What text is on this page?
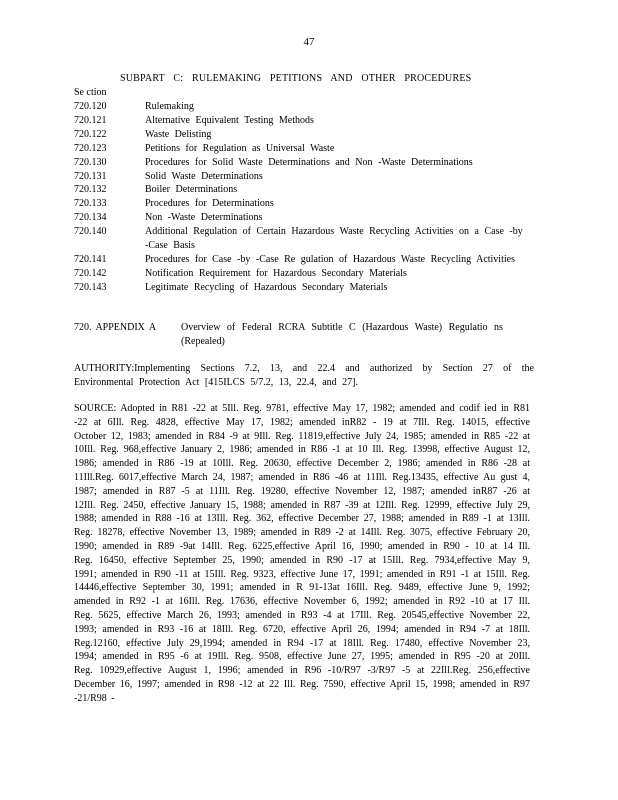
47
SUBPART C: RULEMAKING PETITIONS AND OTHER PROCEDURES
Se ction
720.120	Rulemaking
720.121	Alternative Equivalent Testing Methods
720.122	Waste Delisting
720.123	Petitions for Regulation as Universal Waste
720.130	Procedures for Solid Waste Determinations and Non -Waste Determinations
720.131	Solid Waste Determinations
720.132	Boiler Determinations
720.133	Procedures for Determinations
720.134	Non -Waste Determinations
720.140	Additional Regulation of Certain Hazardous Waste Recycling Activities on a Case -by -Case Basis
720.141	Procedures for Case -by -Case Re gulation of Hazardous Waste Recycling Activities
720.142	Notification Requirement for Hazardous Secondary Materials
720.143	Legitimate Recycling of Hazardous Secondary Materials
720. APPENDIX A	Overview of Federal RCRA Subtitle C (Hazardous Waste) Regulatio ns (Repealed)
AUTHORITY:Implementing Sections 7.2, 13, and 22.4 and authorized by Section 27 of the Environmental Protection Act [415ILCS 5/7.2, 13, 22.4, and 27].
SOURCE: Adopted in R81 -22 at 5Ill. Reg. 9781, effective May 17, 1982; amended and codif ied in R81 -22 at 6Ill. Reg. 4828, effective May 17, 1982; amended inR82 - 19 at 7Ill. Reg. 14015, effective October 12, 1983; amended in R84 -9 at 9Ill. Reg. 11819,effective July 24, 1985; amended in R85 -22 at 10Ill. Reg. 968,effective January 2, 1986; amended in R86 -1 at 10 Ill. Reg. 13998, effective August 12, 1986; amended in R86 -19 at 10Ill. Reg. 20630, effective December 2, 1986; amended in R86 -28 at 11Ill.Reg. 6017,effective March 24, 1987; amended in R86 -46 at 11Ill. Reg.13435, effective Au gust 4, 1987; amended in R87 -5 at 11Ill. Reg. 19280, effective November 12, 1987; amended inR87 -26 at 12Ill. Reg. 2450, effective January 15, 1988; amended in R87 -39 at 12Ill. Reg. 12999, effective July 29, 1988; amended in R88 -16 at 13Ill. Reg. 362, effective December 27, 1988; amended in R89 -1 at 13Ill. Reg. 18278, effective November 13, 1989; amended in R89 -2 at 14Ill. Reg. 3075, effective February 20, 1990; amended in R89 -9at 14Ill. Reg. 6225,effective April 16, 1990; amended in R90 - 10 at 14 Ill. Reg. 16450, effective September 25, 1990; amended in R90 -17 at 15Ill. Reg. 7934,effective May 9, 1991; amended in R90 -11 at 15Ill. Reg. 9323, effective June 17, 1991; amended in R91 -1 at 15Ill. Reg. 14446,effective September 30, 1991; amended in R 91-13at 16Ill. Reg. 9489, effective June 9, 1992; amended in R92 -1 at 16Ill. Reg. 17636, effective November 6, 1992; amended in R92 -10 at 17 Ill. Reg. 5625, effective March 26, 1993; amended in R93 -4 at 17Ill. Reg. 20545,effective November 22, 1993; amended in R93 -16 at 18Ill. Reg. 6720, effective April 26, 1994; amended in R94 -7 at 18Ill. Reg.12160, effective July 29,1994; amended in R94 -17 at 18Ill. Reg. 17480, effective November 23, 1994; amended in R95 -6 at 19Ill. Reg. 9508, effective June 27, 1995; amended in R95 -20 at 20Ill. Reg. 10929,effective August 1, 1996; amended in R96 -10/R97 -3/R97 -5 at 22Ill.Reg. 256,effective December 16, 1997; amended in R98 -12 at 22 Ill. Reg. 7590, effective April 15, 1998; amended in R97 -21/R98 -
